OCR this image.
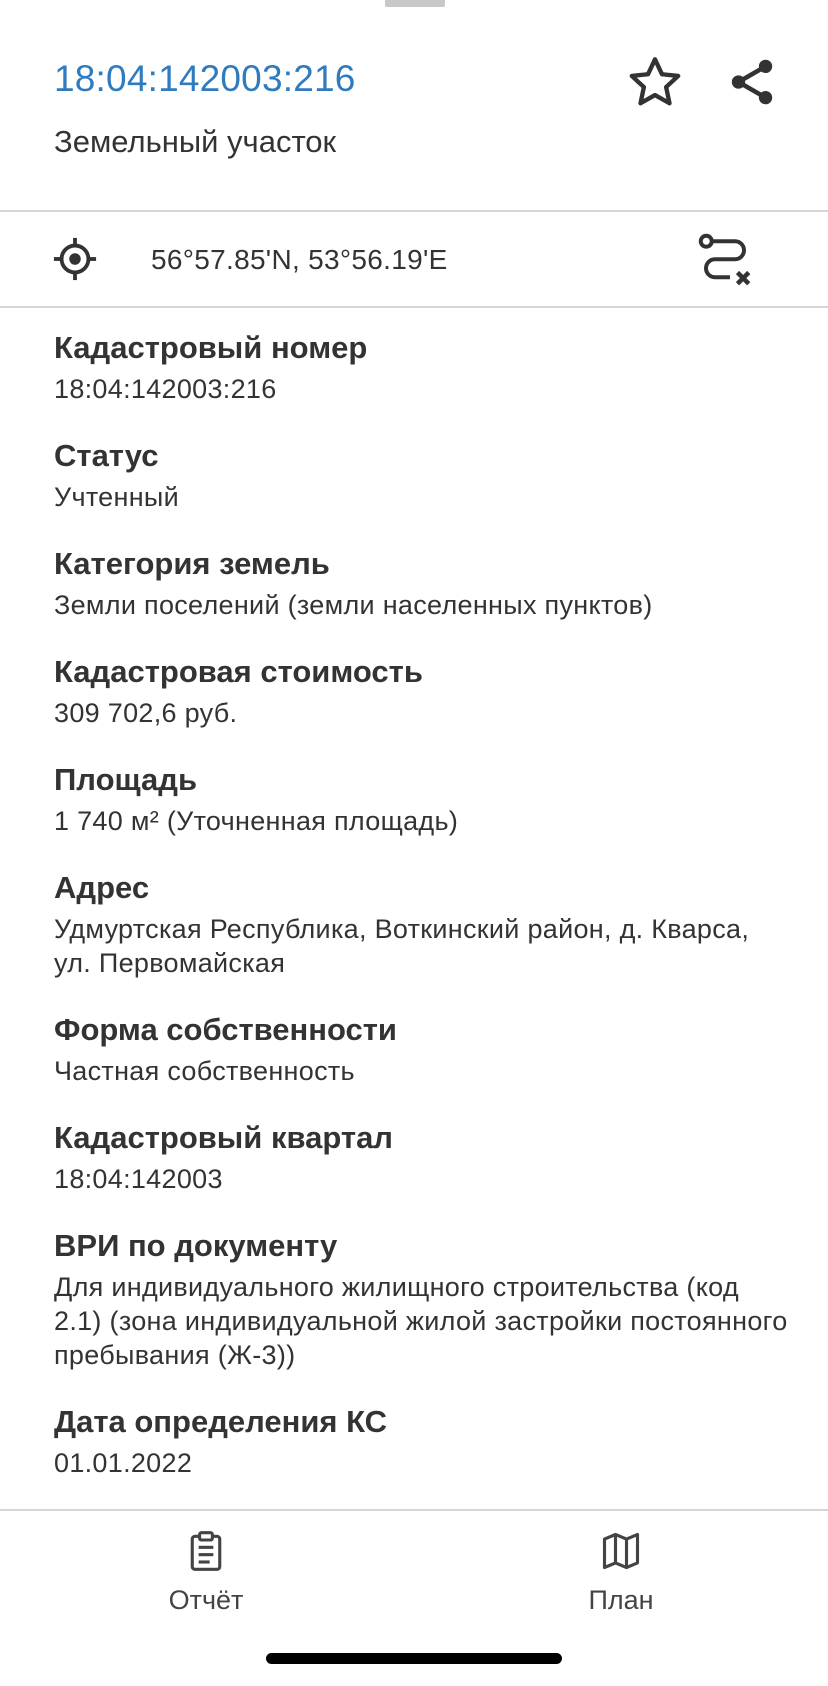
18:04:142003:216
Земельный участок
56°57.85'N, 53°56.19'E
Кадастровый номер
18:04:142003:216
Статус
Учтенный
Категория земель
Земли поселений (земли населенных пунктов)
Кадастровая стоимость
309 702,6 руб.
Площадь
1 740 м² (Уточненная площадь)
Адрес
Удмуртская Республика, Воткинский район, д. Кварса, ул. Первомайская
Форма собственности
Частная собственность
Кадастровый квартал
18:04:142003
ВРИ по документу
Для индивидуального жилищного строительства (код 2.1) (зона индивидуальной жилой застройки постоянного пребывания (Ж-3))
Дата определения КС
01.01.2022
Отчёт	План
